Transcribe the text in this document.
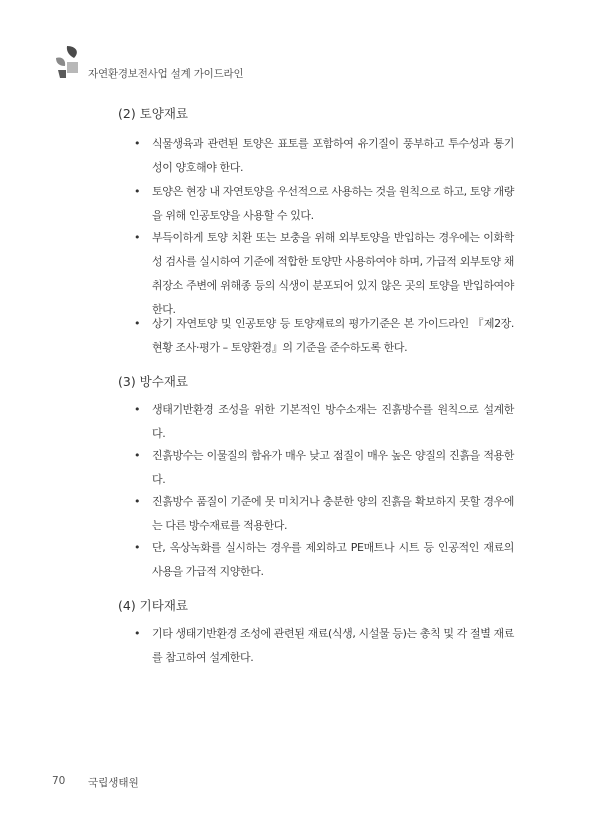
자연환경보전사업 설계 가이드라인
(2) 토양재료
• 식물생육과 관련된 토양은 표토를 포함하여 유기질이 풍부하고 투수성과 통기성이 양호해야 한다.
• 토양은 현장 내 자연토양을 우선적으로 사용하는 것을 원칙으로 하고, 토양 개량을 위해 인공토양을 사용할 수 있다.
• 부득이하게 토양 치환 또는 보충을 위해 외부토양을 반입하는 경우에는 이화학성 검사를 실시하여 기준에 적합한 토양만 사용하여야 하며, 가급적 외부토양 채취장소 주변에 위해종 등의 식생이 분포되어 있지 않은 곳의 토양을 반입하여야 한다.
• 상기 자연토양 및 인공토양 등 토양재료의 평가기준은 본 가이드라인 『제2장. 현황 조사·평가 – 토양환경』의 기준을 준수하도록 한다.
(3) 방수재료
• 생태기반환경 조성을 위한 기본적인 방수소재는 진흙방수를 원칙으로 설계한다.
• 진흙방수는 이물질의 함유가 매우 낮고 점질이 매우 높은 양질의 진흙을 적용한다.
• 진흙방수 품질이 기준에 못 미치거나 충분한 양의 진흙을 확보하지 못할 경우에는 다른 방수재료를 적용한다.
• 단, 옥상녹화를 실시하는 경우를 제외하고 PE매트나 시트 등 인공적인 재료의 사용을 가급적 지양한다.
(4) 기타재료
• 기타 생태기반환경 조성에 관련된 재료(식생, 시설물 등)는 총칙 및 각 절별 재료를 참고하여 설계한다.
70 국립생태원
